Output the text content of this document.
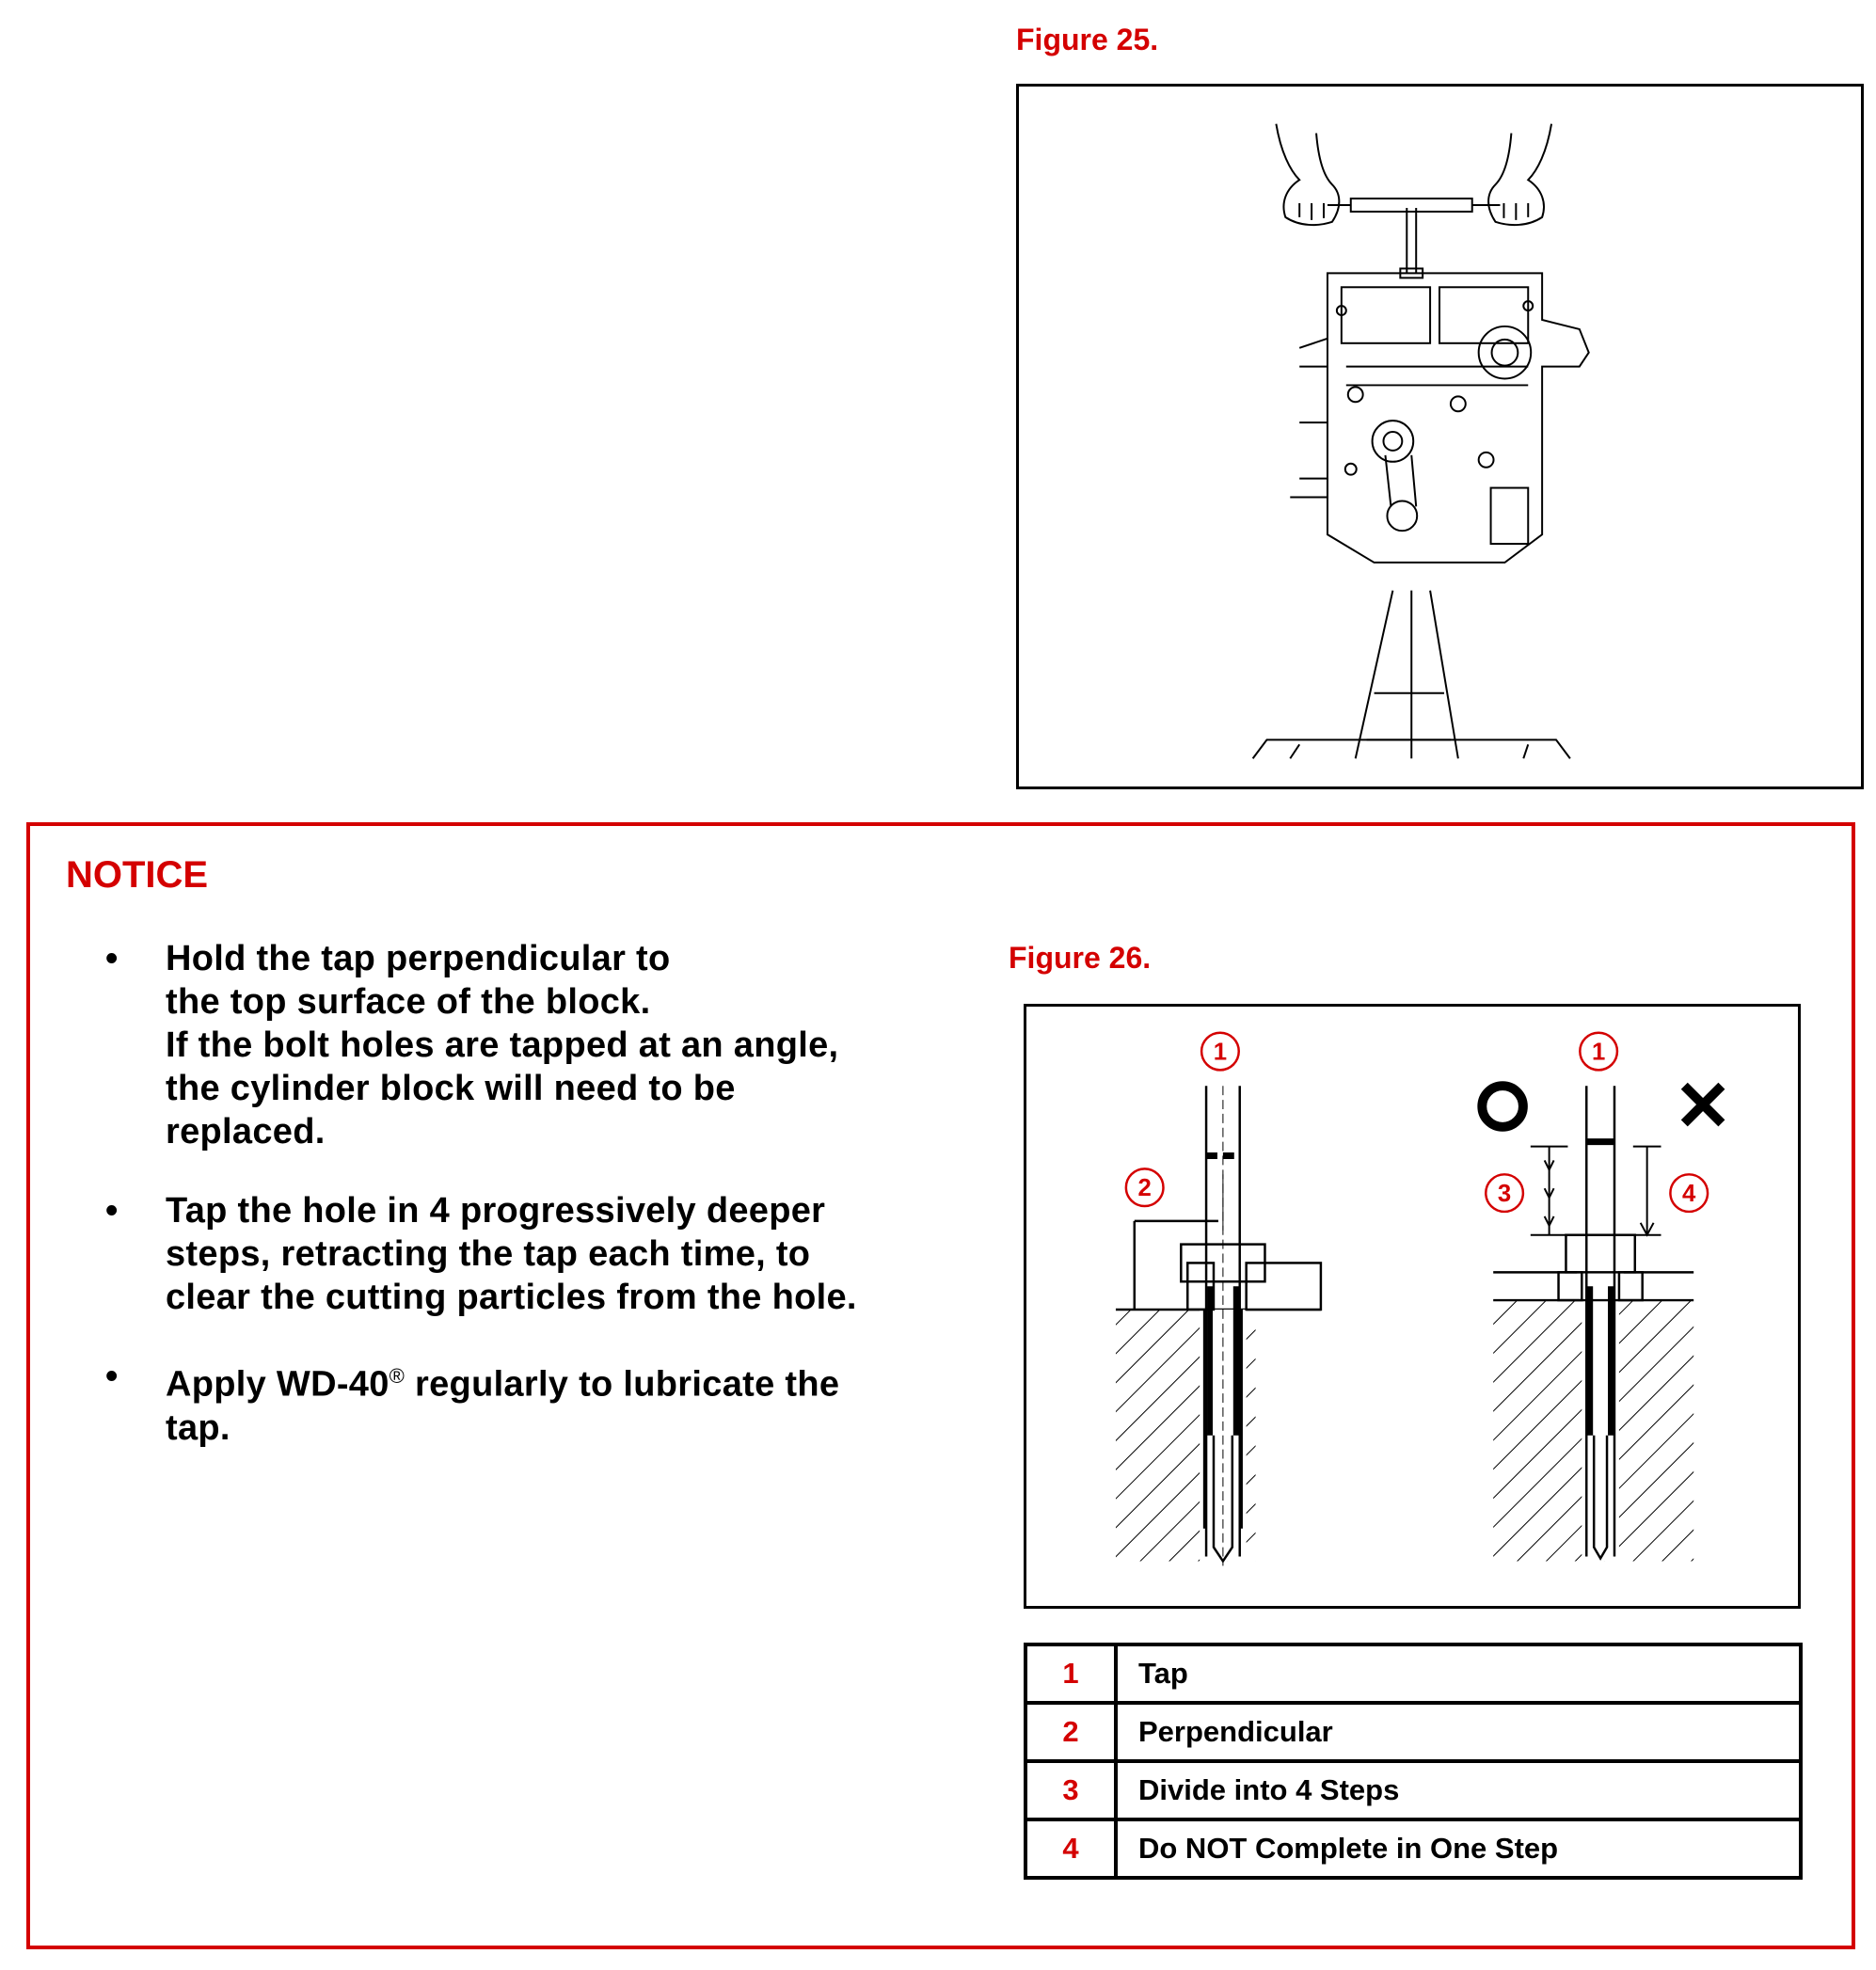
Figure 25.
NOTICE
• Hold the tap perpendicular to
the top surface of the block.
If the bolt holes are tapped at an angle,
the cylinder block will need to be
replaced.
• Tap the hole in 4 progressively deeper
steps, retracting the tap each time, to
clear the cutting particles from the hole.
• Apply WD-40® regularly to lubricate the
tap.
Figure 26.
1
2
1
3	4
1	Tap
2	Perpendicular
3	Divide into 4 Steps
4	Do NOT Complete in One Step
